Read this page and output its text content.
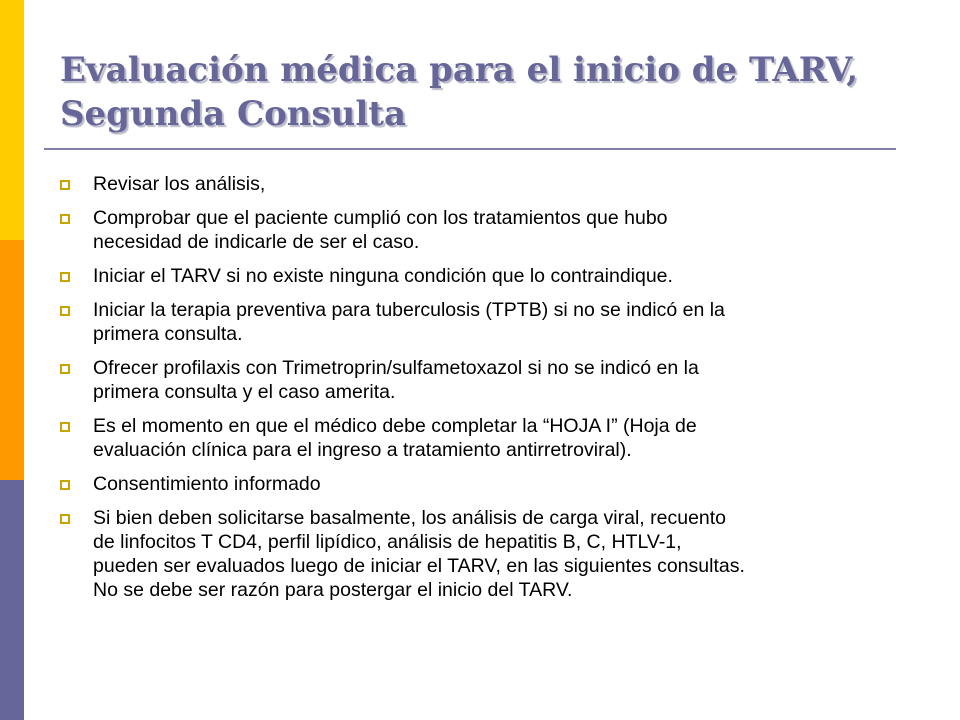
Evaluación médica para el inicio de TARV,
Segunda Consulta
Revisar los análisis,
Comprobar que el paciente cumplió con los tratamientos que hubo
necesidad de indicarle de ser el caso.
Iniciar el TARV si no existe ninguna condición que lo contraindique.
Iniciar la terapia preventiva para tuberculosis (TPTB) si no se indicó en la
primera consulta.
Ofrecer profilaxis con Trimetroprin/sulfametoxazol si no se indicó en la
primera consulta y el caso amerita.
Es el momento en que el médico debe completar la “HOJA I” (Hoja de
evaluación clínica para el ingreso a tratamiento antirretroviral).
Consentimiento informado
Si bien deben solicitarse basalmente, los análisis de carga viral, recuento
de linfocitos T CD4, perfil lipídico, análisis de hepatitis B, C, HTLV-1,
pueden ser evaluados luego de iniciar el TARV, en las siguientes consultas.
No se debe ser razón para postergar el inicio del TARV.
